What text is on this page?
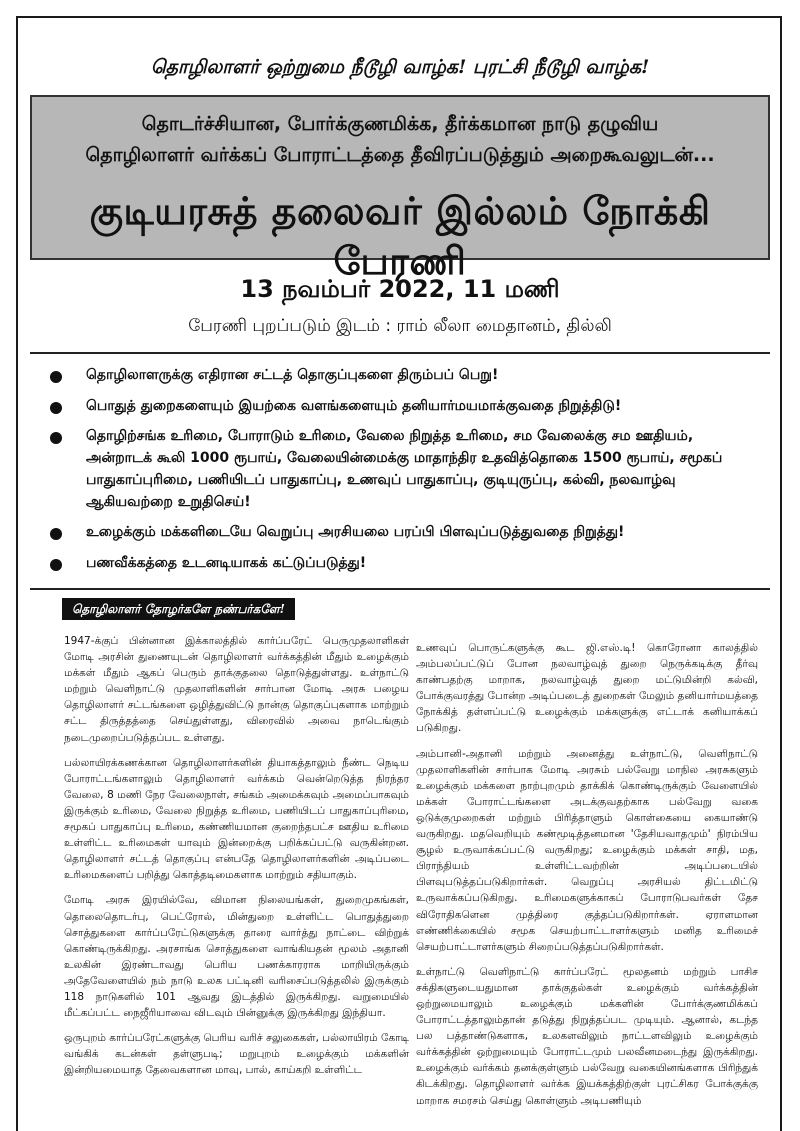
தொழிலாளர் ஒற்றுமை நீடூழி வாழ்க! புரட்சி நீடூழி வாழ்க!
தொடர்ச்சியான, போர்க்குணமிக்க, தீர்க்கமான நாடு தழுவிய
தொழிலாளர் வர்க்கப் போராட்டத்தை தீவிரப்படுத்தும் அறைகூவலுடன்...
குடியரசுத் தலைவர் இல்லம் நோக்கி பேரணி
13 நவம்பர் 2022, 11 மணி
பேரணி புறப்படும் இடம் : ராம் லீலா மைதானம், தில்லி
தொழிலாளருக்கு எதிரான சட்டத் தொகுப்புகளை திரும்பப் பெறு!
பொதுத் துறைகளையும் இயற்கை வளங்களையும் தனியார்மயமாக்குவதை நிறுத்திடு!
தொழிற்சங்க உரிமை, போராடும் உரிமை, வேலை நிறுத்த உரிமை, சம வேலைக்கு சம ஊதியம், அன்றாடக் கூலி 1000 ரூபாய், வேலையின்மைக்கு மாதாந்திர உதவித்தொகை 1500 ரூபாய், சமூகப் பாதுகாப்புரிமை, பணியிடப் பாதுகாப்பு, உணவுப் பாதுகாப்பு, குடியுருப்பு, கல்வி, நலவாழ்வு ஆகியவற்றை உறுதிசெய்!
உழைக்கும் மக்களிடையே வெறுப்பு அரசியலை பரப்பி பிளவுப்படுத்துவதை நிறுத்து!
பணவீக்கத்தை உடனடியாகக் கட்டுப்படுத்து!
தொழிலாளர் தோழர்களே நண்பர்களே!

1947-க்குப் பின்னான இக்காலத்தில் கார்ப்பரேட் பெருமுதலாளிகள் மோடி அரசின் துணையுடன் தொழிலாளர் வர்க்கத்தின் மீதும் உழைக்கும் மக்கள் மீதும் ஆகப் பெரும் தாக்குதலை தொடுத்துள்ளது. உள்நாட்டு மற்றும் வெளிநாட்டு முதலாளிகளின் சார்பான மோடி அரசு பழைய தொழிலாளர் சட்டங்களை ஒழித்துவிட்டு நான்கு தொகுப்புகளாக மாற்றும் சட்ட திருத்தத்தை செய்துள்ளது, விரைவில் அவை நாடெங்கும் நடைமுறைப்படுத்தப்பட உள்ளது.

பல்லாயிரக்கணக்கான தொழிலாளர்களின் தியாகத்தாலும் நீண்ட நெடிய போராட்டங்களாலும் தொழிலாளர் வர்க்கம் வென்றெடுத்த நிரந்தர வேலை, 8 மணி நேர வேலைநாள், சங்கம் அமைக்கவும் அமைப்பாகவும் இருக்கும் உரிமை, வேலை நிறுத்த உரிமை, பணியிடப் பாதுகாப்புரிமை, சமூகப் பாதுகாப்பு உரிமை, கண்ணியமான குறைந்தபட்ச ஊதிய உரிமை உள்ளிட்ட உரிமைகள் யாவும் இன்றைக்கு பறிக்கப்பட்டு வருகின்றன. தொழிலாளர் சட்டத் தொகுப்பு என்பதே தொழிலாளர்களின் அடிப்படை உரிமைகளைப் பறித்து கொத்தடிமைகளாக மாற்றும் சதியாகும்.

மோடி அரசு இரயில்வே, விமான நிலையங்கள், துறைமுகங்கள், தொலைதொடர்பு, பெட்ரோல், மின்துறை உள்ளிட்ட பொதுத்துறை சொத்துகளை கார்ப்பரேட்டுகளுக்கு தாரை வார்த்து நாட்டை விற்றுக் கொண்டிருக்கிறது. அரசாங்க சொத்துகளை வாங்கியதன் மூலம் அதானி உலகின் இரண்டாவது பெரிய பணக்காரராக மாறியிருக்கும் அதேவேளையில் நம் நாடு உலக பட்டினி வரிசைப்படுத்தலில் இருக்கும் 118 நாடுகளில் 101 ஆவது இடத்தில் இருக்கிறது. வறுமையில் மீட்கப்பட்ட நைஜீரியாவை விடவும் பின்னுக்கு இருக்கிறது இந்தியா.

ஒருபுறம் கார்ப்பரேட்களுக்கு பெரிய வரிச் சலுகைகள், பல்லாயிரம் கோடி வங்கிக் கடன்கள் தள்ளுபடி; மறுபுறம் உழைக்கும் மக்களின் இன்றியமையாத தேவைகளான மாவு, பால், காய்கறி உள்ளிட்ட

உணவுப் பொருட்களுக்கு கூட ஜி.எஸ்.டி! கொரோனா காலத்தில் அம்பலப்பட்டுப் போன நலவாழ்வுத் துறை நெருக்கடிக்கு தீர்வு காண்பதற்கு மாறாக, நலவாழ்வுத் துறை மட்டுமின்றி கல்வி, போக்குவரத்து போன்ற அடிப்படைத் துறைகள் மேலும் தனியார்மயத்தை நோக்கித் தள்ளப்பட்டு உழைக்கும் மக்களுக்கு எட்டாக் கனியாக்கப் படுகிறது.

அம்பானி-அதானி மற்றும் அனைத்து உள்நாட்டு, வெளிநாட்டு முதலாளிகளின் சார்பாக மோடி அரசும் பல்வேறு மாநில அரசுகளும் உழைக்கும் மக்களை நாற்புறமும் தாக்கிக் கொண்டிருக்கும் வேளையில் மக்கள் போராட்டங்களை அடக்குவதற்காக பல்வேறு வகை ஒடுக்குமுறைகள் மற்றும் பிரித்தாளும் கொள்கையை கையாண்டு வருகிறது. மதவெறியும் கண்மூடித்தனமான 'தேசியவாதமும்' நிரம்பிய சூழல் உருவாக்கப்பட்டு வருகிறது; உழைக்கும் மக்கள் சாதி, மத, பிராந்தியம் உள்ளிட்டவற்றின் அடிப்படையில் பிளவுபடுத்தப்படுகிறார்கள். வெறுப்பு அரசியல் திட்டமிட்டு உருவாக்கப்படுகிறது. உரிமைகளுக்காகப் போராடுபவர்கள் தேச விரோதிகளென முத்திரை குத்தப்படுகிறார்கள். ஏராளமான எண்ணிக்கையில் சமூக செயற்பாட்டாளர்களும் மனித உரிமைச் செயற்பாட்டாளர்களும் சிறைப்படுத்தப்படுகிறார்கள்.

உள்நாட்டு வெளிநாட்டு கார்ப்பரேட் மூலதனம் மற்றும் பாசிச சக்திகளுடையதுமான தாக்குதல்கள் உழைக்கும் வர்க்கத்தின் ஒற்றுமையாலும் உழைக்கும் மக்களின் போர்க்குணமிக்கப் போராட்டத்தாலும்தான் தடுத்து நிறுத்தப்பட முடியும். ஆனால், கடந்த பல பத்தாண்டுகளாக, உலகளவிலும் நாட்டளவிலும் உழைக்கும் வர்க்கத்தின் ஒற்றுமையும் போராட்டமும் பலவீனமடைந்து இருக்கிறது. உழைக்கும் வர்க்கம் தனக்குள்ளும் பல்வேறு வகையினங்களாக பிரிந்துக் கிடக்கிறது. தொழிலாளர் வர்க்க இயக்கத்திற்குள் புரட்சிகர போக்குக்கு மாறாக சமரசம் செய்து கொள்ளும் அடிபணியும்
